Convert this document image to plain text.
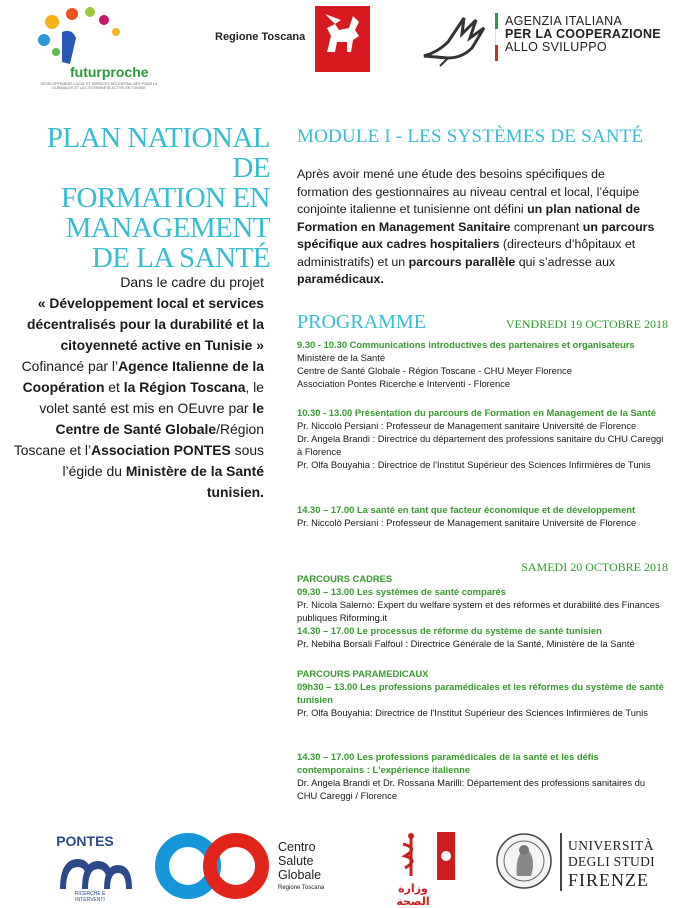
futurproche
DÉVELOPPEMENT LOCAL ET SERVICES DÉCENTRALISÉS POUR LA DURABILITÉ ET LA CITOYENNETÉ ACTIVE EN TUNISIE
Regione Toscana
AGENZIA ITALIANA
PER LA COOPERAZIONE
ALLO SVILUPPO
PLAN NATIONAL DE
FORMATION EN
MANAGEMENT
DE LA SANTÉ
Dans le cadre du projet
« Développement local et services décentralisés pour la durabilité et la citoyenneté active en Tunisie »
Cofinancé par l’Agence Italienne de la Coopération et la Région Toscana, le volet santé est mis en OEuvre par le Centre de Santé Globale/Région Toscane et l’Association PONTES sous l’égide du Ministère de la Santé tunisien.
MODULE I - LES SYSTÈMES DE SANTÉ
Après avoir mené une étude des besoins spécifiques de formation des gestionnaires au niveau central et local, l’équipe conjointe italienne et tunisienne ont défini un plan national de Formation en Management Sanitaire comprenant un parcours spécifique aux cadres hospitaliers (directeurs d’hôpitaux et administratifs) et un parcours parallèle qui s’adresse aux paramédicaux.
PROGRAMME	VENDREDI 19 OCTOBRE 2018

9.30 - 10.30 Communications introductives des partenaires et organisateurs

Ministère de la Santé

Centre de Santé Globale - Région Toscane - CHU Meyer Florence

Association Pontes Ricerche e Interventi - Florence

10.30 - 13.00 Présentation du parcours de Formation en Management de la Santé

Pr. Niccolò Persiani : Professeur de Management sanitaire Université de Florence

Dr. Angela Brandi : Directrice du département des professions sanitaire du CHU Careggi à Florence

Pr. Olfa Bouyahia : Directrice de l'Institut Supérieur des Sciences Infirmières de Tunis

14.30 – 17.00 La santé en tant que facteur économique et de développement

Pr. Niccolò Persiani : Professeur de Management sanitaire Université de Florence

SAMEDI 20 OCTOBRE 2018

PARCOURS CADRES

09.30 – 13.00 Les systèmes de santé comparés

Pr. Nicola Salerno: Expert du welfare system et des réformes et durabilité des Finances publiques Riforming.it

14.30 – 17.00 Le processus de réforme du système de santé tunisien

Pr. Nebiha Borsali Falfoul : Directrice Générale de la Santé, Ministère de la Santé

PARCOURS PARAMEDICAUX

09h30 – 13.00 Les professions paramédicales et les réformes du système de santé tunisien

Pr. Olfa Bouyahia: Directrice de l'Institut Supérieur des Sciences Infirmières de Tunis

14.30 – 17.00 Les professions paramédicales de la santé et les défis contemporains : L'expérience italienne

Dr. Angela Brandi et Dr. Rossana Marilli: Département des professions sanitaires du CHU Careggi / Florence

PONTES
RICERCHE E INTERVENTI
Centro
Salute
Globale
Regione Toscana	وزارة الصحة
UNIVERSITÀ
DEGLI STUDI
FIRENZE
